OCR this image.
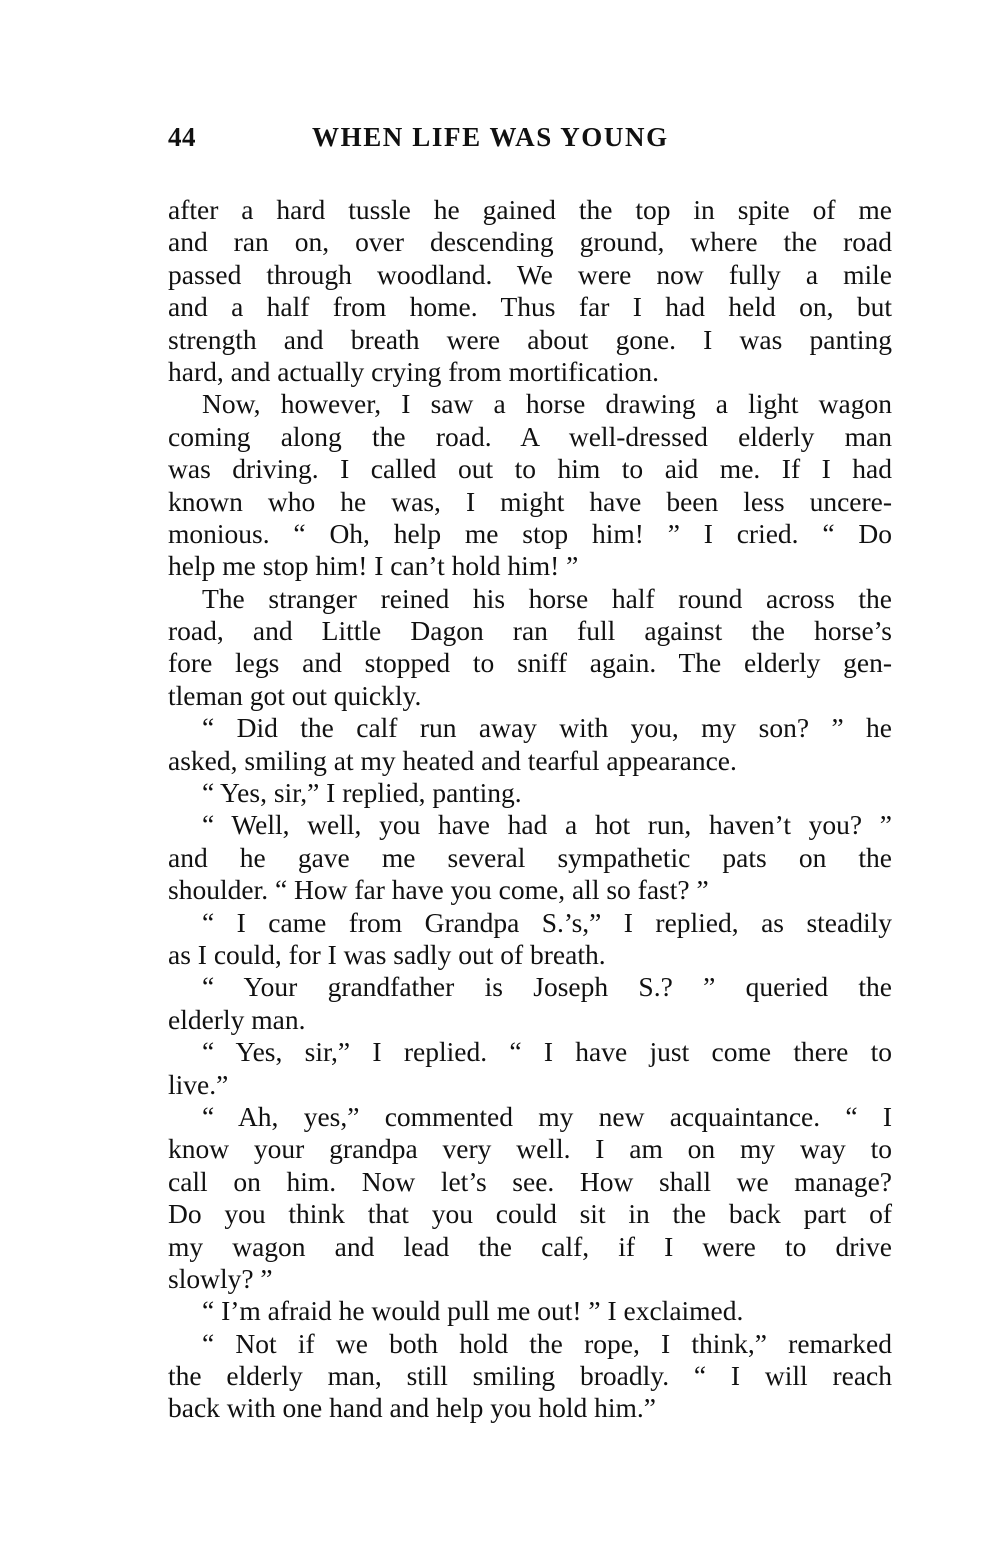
44	WHEN LIFE WAS YOUNG
after a hard tussle he gained the top in spite of me
and ran on, over descending ground, where the road
passed through woodland. We were now fully a mile
and a half from home. Thus far I had held on, but
strength and breath were about gone. I was panting
hard, and actually crying from mortification.
Now, however, I saw a horse drawing a light wagon
coming along the road. A well-dressed elderly man
was driving. I called out to him to aid me. If I had
known who he was, I might have been less uncere-
monious. “ Oh, help me stop him! ” I cried. “ Do
help me stop him! I can’t hold him! ”
The stranger reined his horse half round across the
road, and Little Dagon ran full against the horse’s
fore legs and stopped to sniff again. The elderly gen-
tleman got out quickly.
“ Did the calf run away with you, my son? ” he
asked, smiling at my heated and tearful appearance.
“ Yes, sir,” I replied, panting.
“ Well, well, you have had a hot run, haven’t you? ”
and he gave me several sympathetic pats on the
shoulder. “ How far have you come, all so fast? ”
“ I came from Grandpa S.’s,” I replied, as steadily
as I could, for I was sadly out of breath.
“ Your grandfather is Joseph S.? ” queried the
elderly man.
“ Yes, sir,” I replied. “ I have just come there to
live.”
“ Ah, yes,” commented my new acquaintance. “ I
know your grandpa very well. I am on my way to
call on him. Now let’s see. How shall we manage?
Do you think that you could sit in the back part of
my wagon and lead the calf, if I were to drive
slowly? ”
“ I’m afraid he would pull me out! ” I exclaimed.
“ Not if we both hold the rope, I think,” remarked
the elderly man, still smiling broadly. “ I will reach
back with one hand and help you hold him.”
